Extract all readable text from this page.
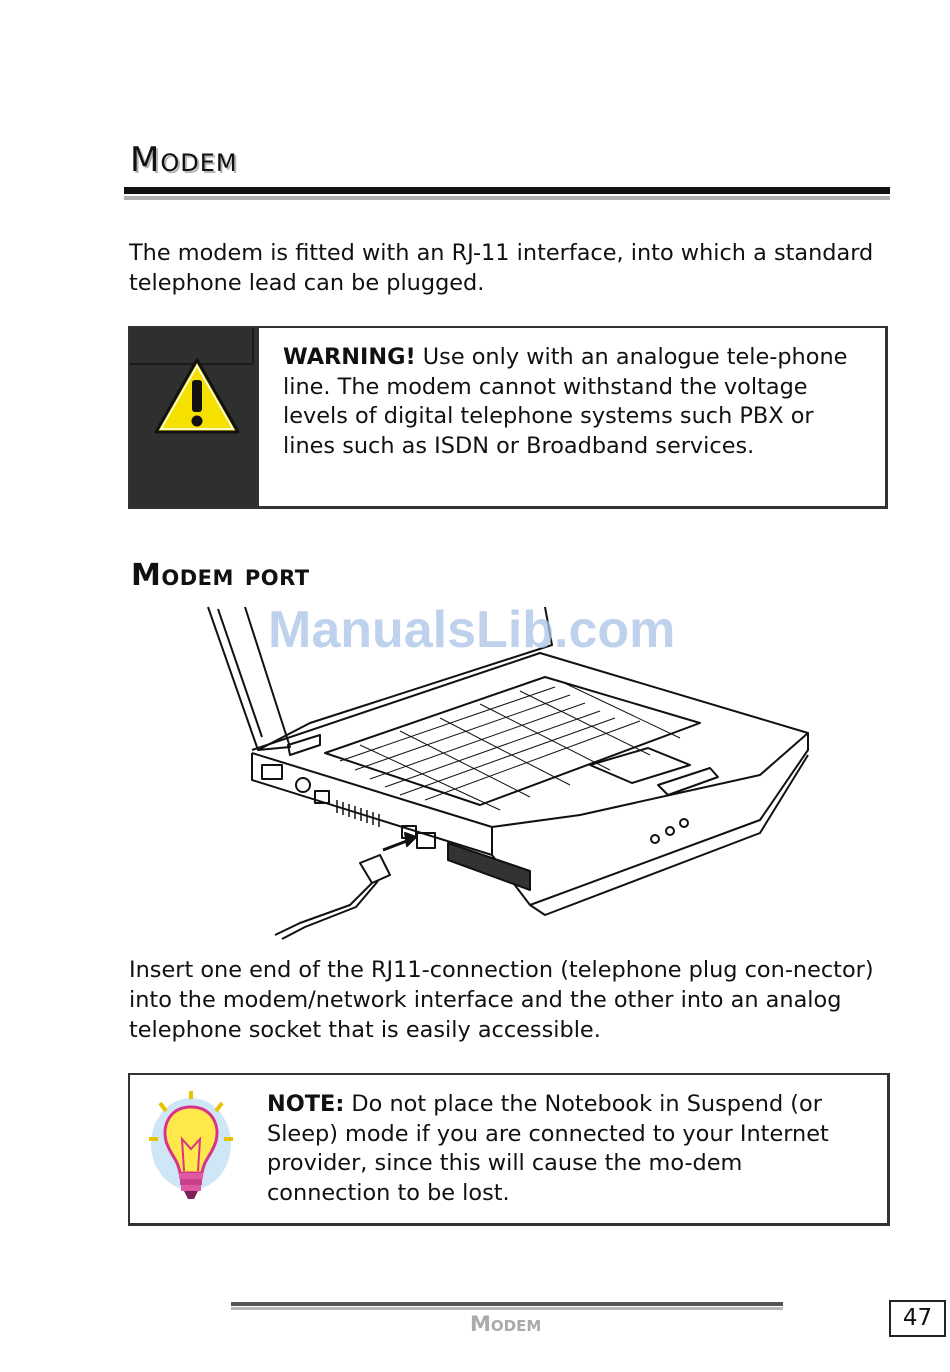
Modem
The modem is fitted with an RJ-11 interface, into which a standard telephone lead can be plugged.
WARNING! Use only with an analogue tele-phone line. The modem cannot withstand the voltage levels of digital telephone systems such PBX or lines such as ISDN or Broadband services.
Modem port
ManualsLib.com
Insert one end of the RJ11-connection (telephone plug con-nector) into the modem/network interface and the other into an analog telephone socket that is easily accessible.
NOTE: Do not place the Notebook in Suspend (or Sleep) mode if you are connected to your Internet provider, since this will cause the mo-dem connection to be lost.
Modem	47
